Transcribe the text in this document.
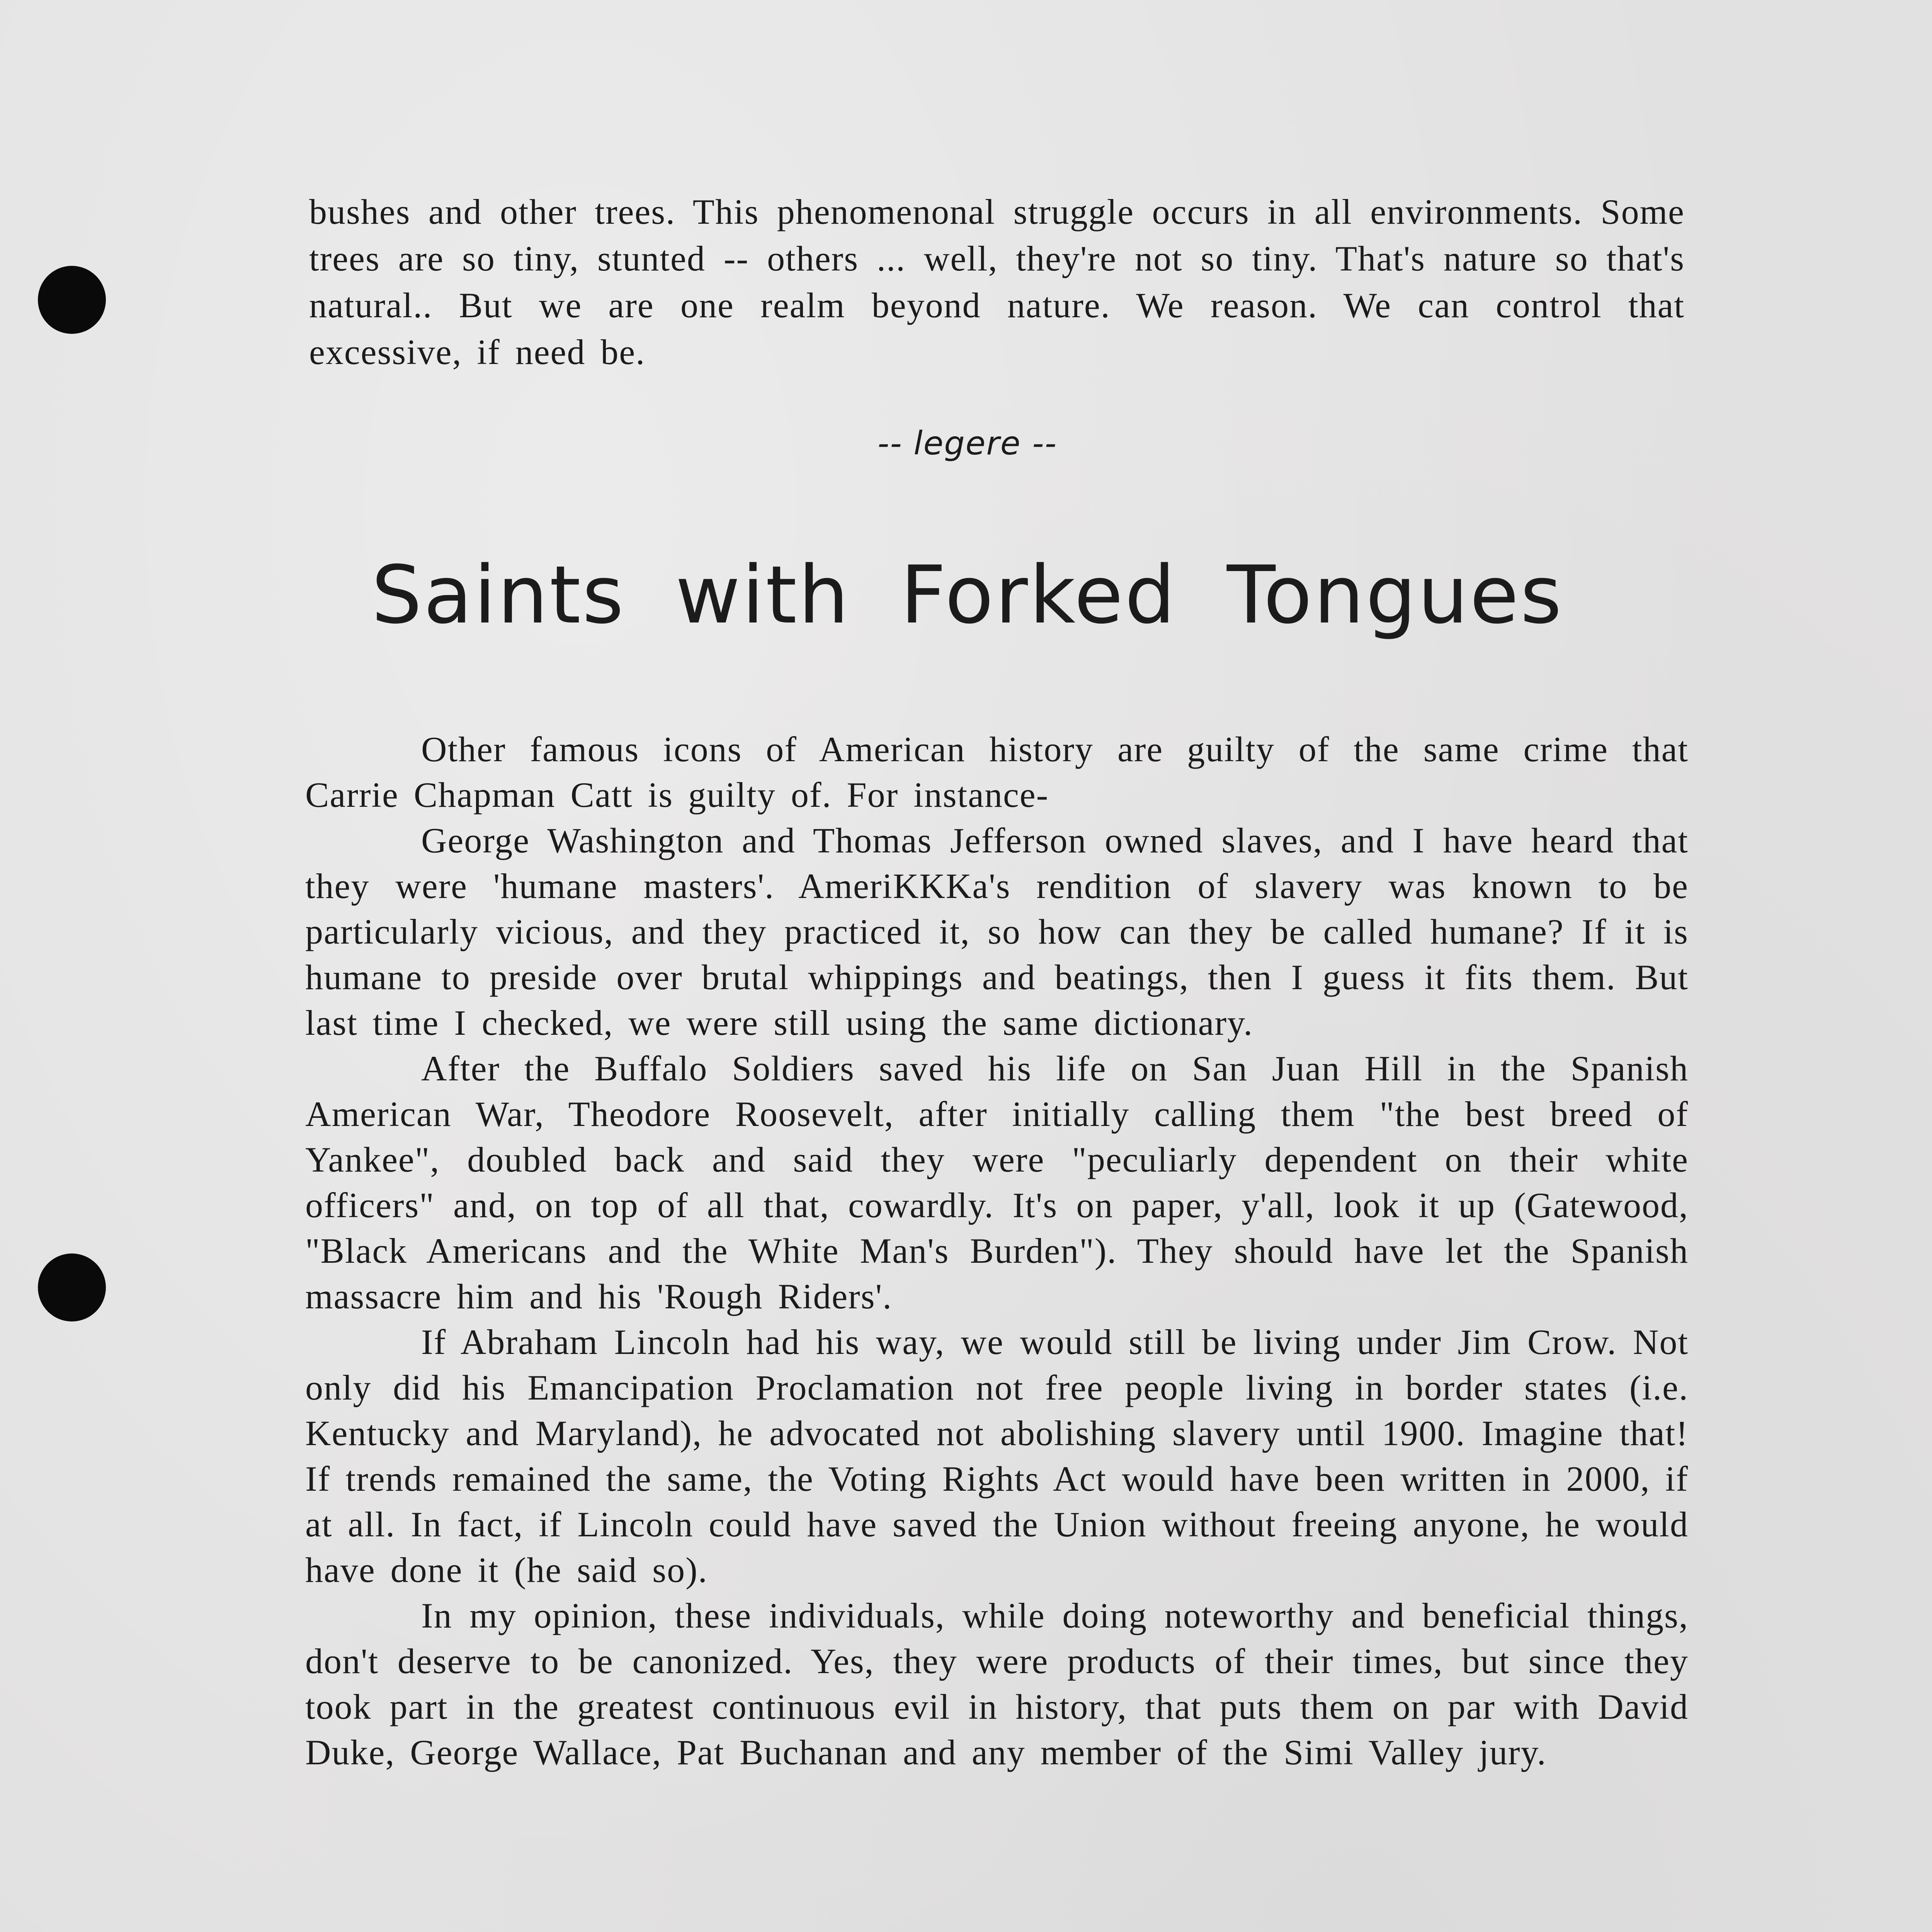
bushes and other trees. This phenomenonal struggle occurs in all environments. Some trees are so tiny, stunted -- others ... well, they're not so tiny. That's nature so that's natural.. But we are one realm beyond nature. We reason. We can control that excessive, if need be.

-- legere --
Saints with Forked Tongues

Other famous icons of American history are guilty of the same crime that Carrie Chapman Catt is guilty of. For instance-

George Washington and Thomas Jefferson owned slaves, and I have heard that they were 'humane masters'. AmeriKKKa's rendition of slavery was known to be particularly vicious, and they practiced it, so how can they be called humane? If it is humane to preside over brutal whippings and beatings, then I guess it fits them. But last time I checked, we were still using the same dictionary.

After the Buffalo Soldiers saved his life on San Juan Hill in the Spanish American War, Theodore Roosevelt, after initially calling them "the best breed of Yankee", doubled back and said they were "peculiarly dependent on their white officers" and, on top of all that, cowardly. It's on paper, y'all, look it up (Gatewood, "Black Americans and the White Man's Burden"). They should have let the Spanish massacre him and his 'Rough Riders'.

If Abraham Lincoln had his way, we would still be living under Jim Crow. Not only did his Emancipation Proclamation not free people living in border states (i.e. Kentucky and Maryland), he advocated not abolishing slavery until 1900. Imagine that! If trends remained the same, the Voting Rights Act would have been written in 2000, if at all. In fact, if Lincoln could have saved the Union without freeing anyone, he would have done it (he said so).

In my opinion, these individuals, while doing noteworthy and beneficial things, don't deserve to be canonized. Yes, they were products of their times, but since they took part in the greatest continuous evil in history, that puts them on par with David Duke, George Wallace, Pat Buchanan and any member of the Simi Valley jury.
